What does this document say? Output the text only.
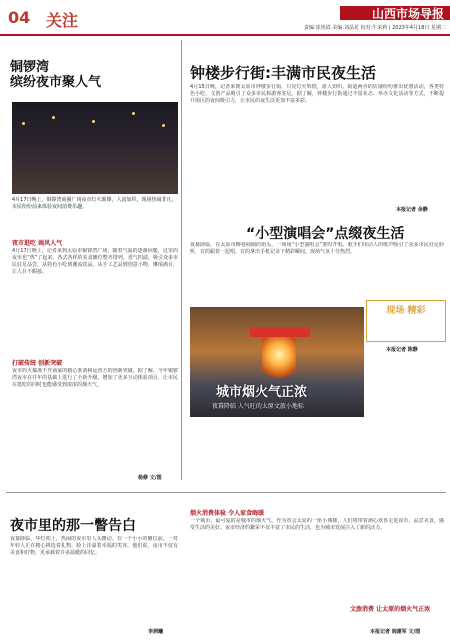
04 关注	山西市场导报
责编:崔艳霞 美编:刘晶花 校对:牛荣莉 | 2023年4月18日 星期二
铜锣湾
缤纷夜市聚人气
4月17日晚上，铜锣湾商圈广场夜市灯火璀璨，人流如织，现场热闹非凡，市民纷纷前来体验夜间消费乐趣。
夜市逛吃 画风人气
4月17日晚上，记者来到太原市铜锣湾广场，随着气温的逐渐回暖，这里的夜市也“热”了起来。各式各样的美食摊位整齐排列，香气四溢，吸引众多市民驻足品尝。从特色小吃到潮流饮品，从手工艺品到创意小物，琳琅满目，让人目不暇接。
打破传统 创新突破
夜市的火爆离不开商家的精心准备和运营方的创新突破。据了解，今年铜锣湾夜市在往年的基础上进行了全新升级，增加了更多互动体验项目，让市民在逛吃的同时也能感受到浓浓的烟火气。
杨修 文/图
钟楼步行街:丰满市民夜生活
4月15日晚，记者来到太原市钟楼步行街，只见灯火辉煌，游人如织。街道两旁的店铺纷纷推出优惠活动，各类特色小吃、文创产品吸引了众多市民和游客驻足。据了解，钟楼步行街通过丰富业态、举办文化活动等方式，不断提升街区的夜间吸引力，让市民的夜生活更加丰富多彩。
本报记者 余静
“小型演唱会”点缀夜生活
夜幕降临，在太原市柳巷商圈的街头，一场场“小型演唱会”准时开唱。歌手们用动人的歌声吸引了众多市民驻足聆听，有的跟着一起唱，有的拿出手机记录下精彩瞬间，现场气氛十分热烈。
城市烟火气正浓
夜幕降临 人气旺的太原文旅小地标
现场 精彩
本报记者 陈静
夜市里的那一瞥告白
夜幕降临，华灯初上，热闹的夜市里人头攒动。在一个小小的摊位前，一对年轻人正在精心挑选着礼物，脸上洋溢着幸福的笑容。他们说，夜市不仅有美食和好物，更承载着许多温暖的回忆。
李洞曦
烟火消费体验 令人家食晦暖
一个城市，最可爱的是城市的烟火气。作为省会太原的一座小城楼，人们将带着满心欢喜走进夜市，品尝美食，感受生活的美好。夜市经济的繁荣不仅丰富了市民的生活，也为城市发展注入了新的活力。
文旅消费 让太原的烟火气正浓
本报记者 阎建军 文/图
